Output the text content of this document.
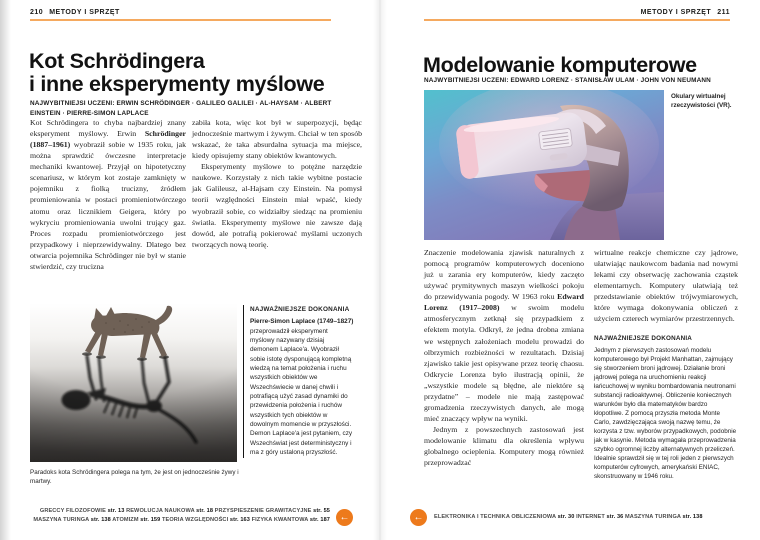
210 METODY I SPRZĘT
Kot Schrödingera
i inne eksperymenty myślowe

NAJWYBITNIEJSI UCZENI: ERWIN SCHRÖDINGER · GALILEO GALILEI · AL-HAYSAM · ALBERT EINSTEIN · PIERRE-SIMON LAPLACE

Kot Schrödingera to chyba najbardziej znany eksperyment myślowy. Erwin Schrödinger (1887–1961) wyobraził sobie w 1935 roku, jak można sprawdzić ówczesne interpretacje mechaniki kwantowej. Przyjął on hipotetyczny scenariusz, w którym kot zostaje zamknięty w pojemniku z fiolką trucizny, źródłem promieniowania w postaci promieniotwórczego atomu oraz licznikiem Geigera, który po wykryciu promieniowania uwolni trujący gaz. Proces rozpadu promieniotwórczego jest przypadkowy i nieprzewidywalny. Dlatego bez otwarcia pojemnika Schrödinger nie był w stanie stwierdzić, czy trucizna

zabiła kota, więc kot był w superpozycji, będąc jednocześnie martwym i żywym. Chciał w ten sposób wskazać, że taka absurdalna sytuacja ma miejsce, kiedy opisujemy stany obiektów kwantowych.

Eksperymenty myślowe to potężne narzędzie naukowe. Korzystały z nich takie wybitne postacie jak Galileusz, al-Hajsam czy Einstein. Na pomysł teorii względności Einstein miał wpaść, kiedy wyobraził sobie, co widziałby siedząc na promieniu światła. Eksperymenty myślowe nie zawsze dają dowód, ale potrafią pokierować myślami uczonych tworzących nową teorię.

Paradoks kota Schrödingera polega na tym, że jest on jednocześnie żywy i martwy.
NAJWAŻNIEJSZE DOKONANIA
Pierre-Simon Laplace (1749–1827) przeprowadził eksperyment myślowy nazywany dzisiaj demonem Laplace'a. Wyobraził sobie istotę dysponującą kompletną wiedzą na temat położenia i ruchu wszystkich obiektów we Wszechświecie w danej chwili i potrafiącą użyć zasad dynamiki do przewidzenia położenia i ruchów wszystkich tych obiektów w dowolnym momencie w przyszłości. Demon Laplace'a jest pytaniem, czy Wszechświat jest deterministyczny i ma z góry ustaloną przyszłość.
GRECCY FILOZOFOWIE str. 13 REWOLUCJA NAUKOWA str. 18 PRZYSPIESZENIE GRAWITACYJNE str. 55
MASZYNA TURINGA str. 138 ATOMIZM str. 159 TEORIA WZGLĘDNOŚCI str. 163 FIZYKA KWANTOWA str. 187 ←
METODY I SPRZĘT 211
Modelowanie komputerowe

NAJWYBITNIEJSI UCZENI: EDWARD LORENZ · STANISŁAW ULAM · JOHN VON NEUMANN

Okulary wirtualnej rzeczywistości (VR).

Znaczenie modelowania zjawisk naturalnych z pomocą programów komputerowych doceniono już u zarania ery komputerów, kiedy zaczęto używać prymitywnych maszyn wielkości pokoju do przewidywania pogody. W 1963 roku Edward Lorenz (1917–2008) w swoim modelu atmosferycznym zetknął się przypadkiem z efektem motyla. Odkrył, że jedna drobna zmiana we wstępnych założeniach modelu prowadzi do olbrzymich rozbieżności w rezultatach. Dzisiaj zjawisko takie jest opisywane przez teorię chaosu. Odkrycie Lorenza było ilustracją opinii, że „wszystkie modele są błędne, ale niektóre są przydatne” – modele nie mają zastępować gromadzenia rzeczywistych danych, ale mogą mieć znaczący wpływ na wyniki.

Jednym z powszechnych zastosowań jest modelowanie klimatu dla określenia wpływu globalnego ocieplenia. Komputery mogą również przeprowadzać

wirtualne reakcje chemiczne czy jądrowe, ułatwiając naukowcom badania nad nowymi lekami czy obserwację zachowania cząstek elementarnych. Komputery ułatwiają też przedstawianie obiektów trójwymiarowych, które wymaga dokonywania obliczeń z użyciem czterech wymiarów przestrzennych.

NAJWAŻNIEJSZE DOKONANIA
Jednym z pierwszych zastosowań modelu komputerowego był Projekt Manhattan, zajmujący się stworzeniem broni jądrowej. Działanie broni jądrowej polega na uruchomieniu reakcji łańcuchowej w wyniku bombardowania neutronami substancji radioaktywnej. Obliczenie koniecznych warunków było dla matematyków bardzo kłopotliwe. Z pomocą przyszła metoda Monte Carlo, zawdzięczająca swoją nazwę temu, że korzysta z tzw. wyborów przypadkowych, podobnie jak w kasynie. Metoda wymagała przeprowadzenia szybko ogromnej liczby alternatywnych przeliczeń. Idealnie sprawdził się w tej roli jeden z pierwszych komputerów cyfrowych, amerykański ENIAC, skonstruowany w 1946 roku.
←	ELEKTRONIKA I TECHNIKA OBLICZENIOWA str. 30 INTERNET str. 36 MASZYNA TURINGA str. 138
